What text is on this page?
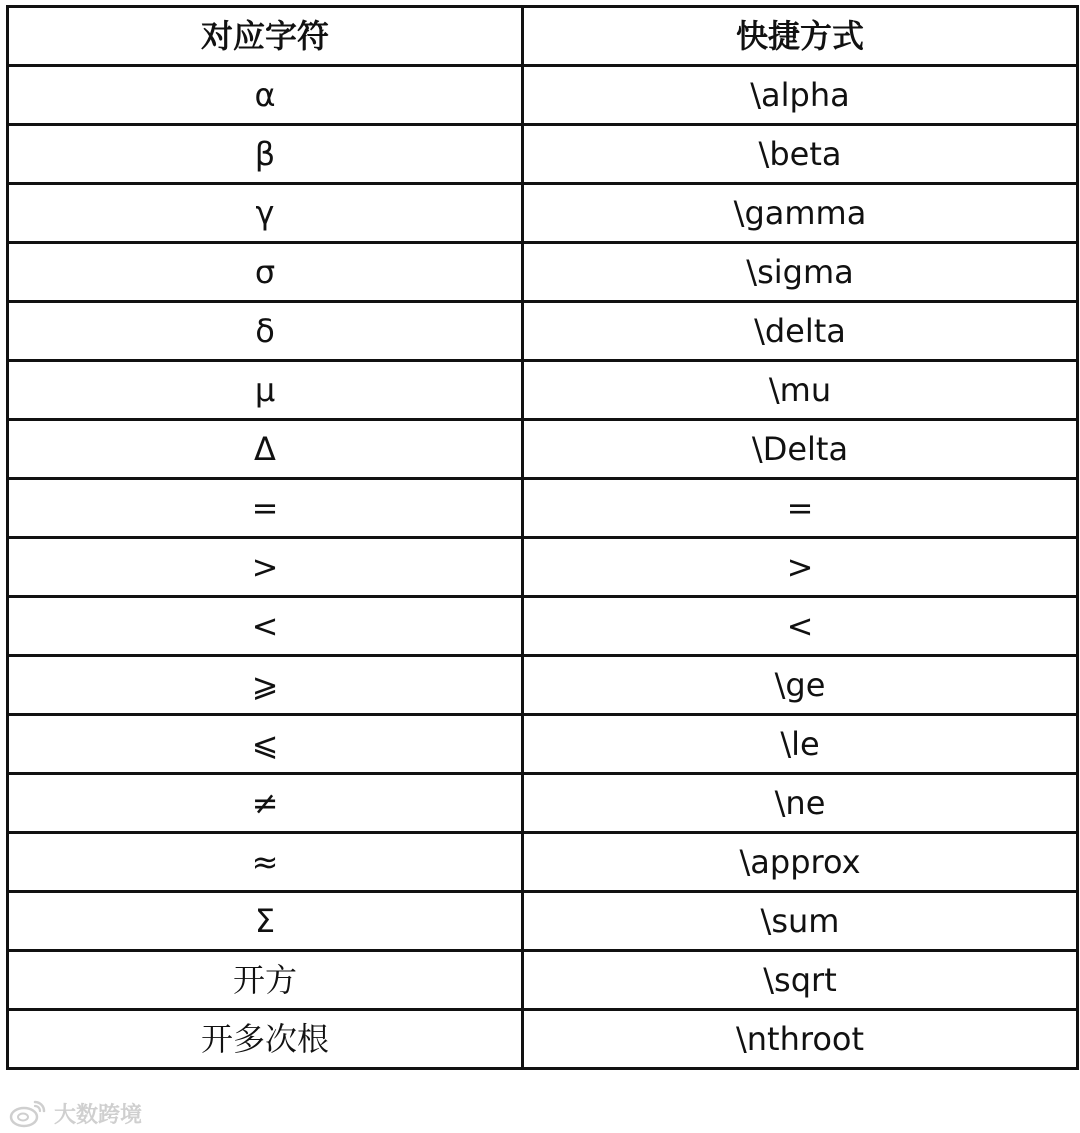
对应字符	快捷方式
α	\alpha
β	\beta
γ	\gamma
σ	\sigma
δ	\delta
μ	\mu
Δ	\Delta
=	=
>	>
<	<
⩾	\ge
⩽	\le
≠	\ne
≈	\approx
Σ	\sum
开方	\sqrt
开多次根	\nthroot
大数跨境
